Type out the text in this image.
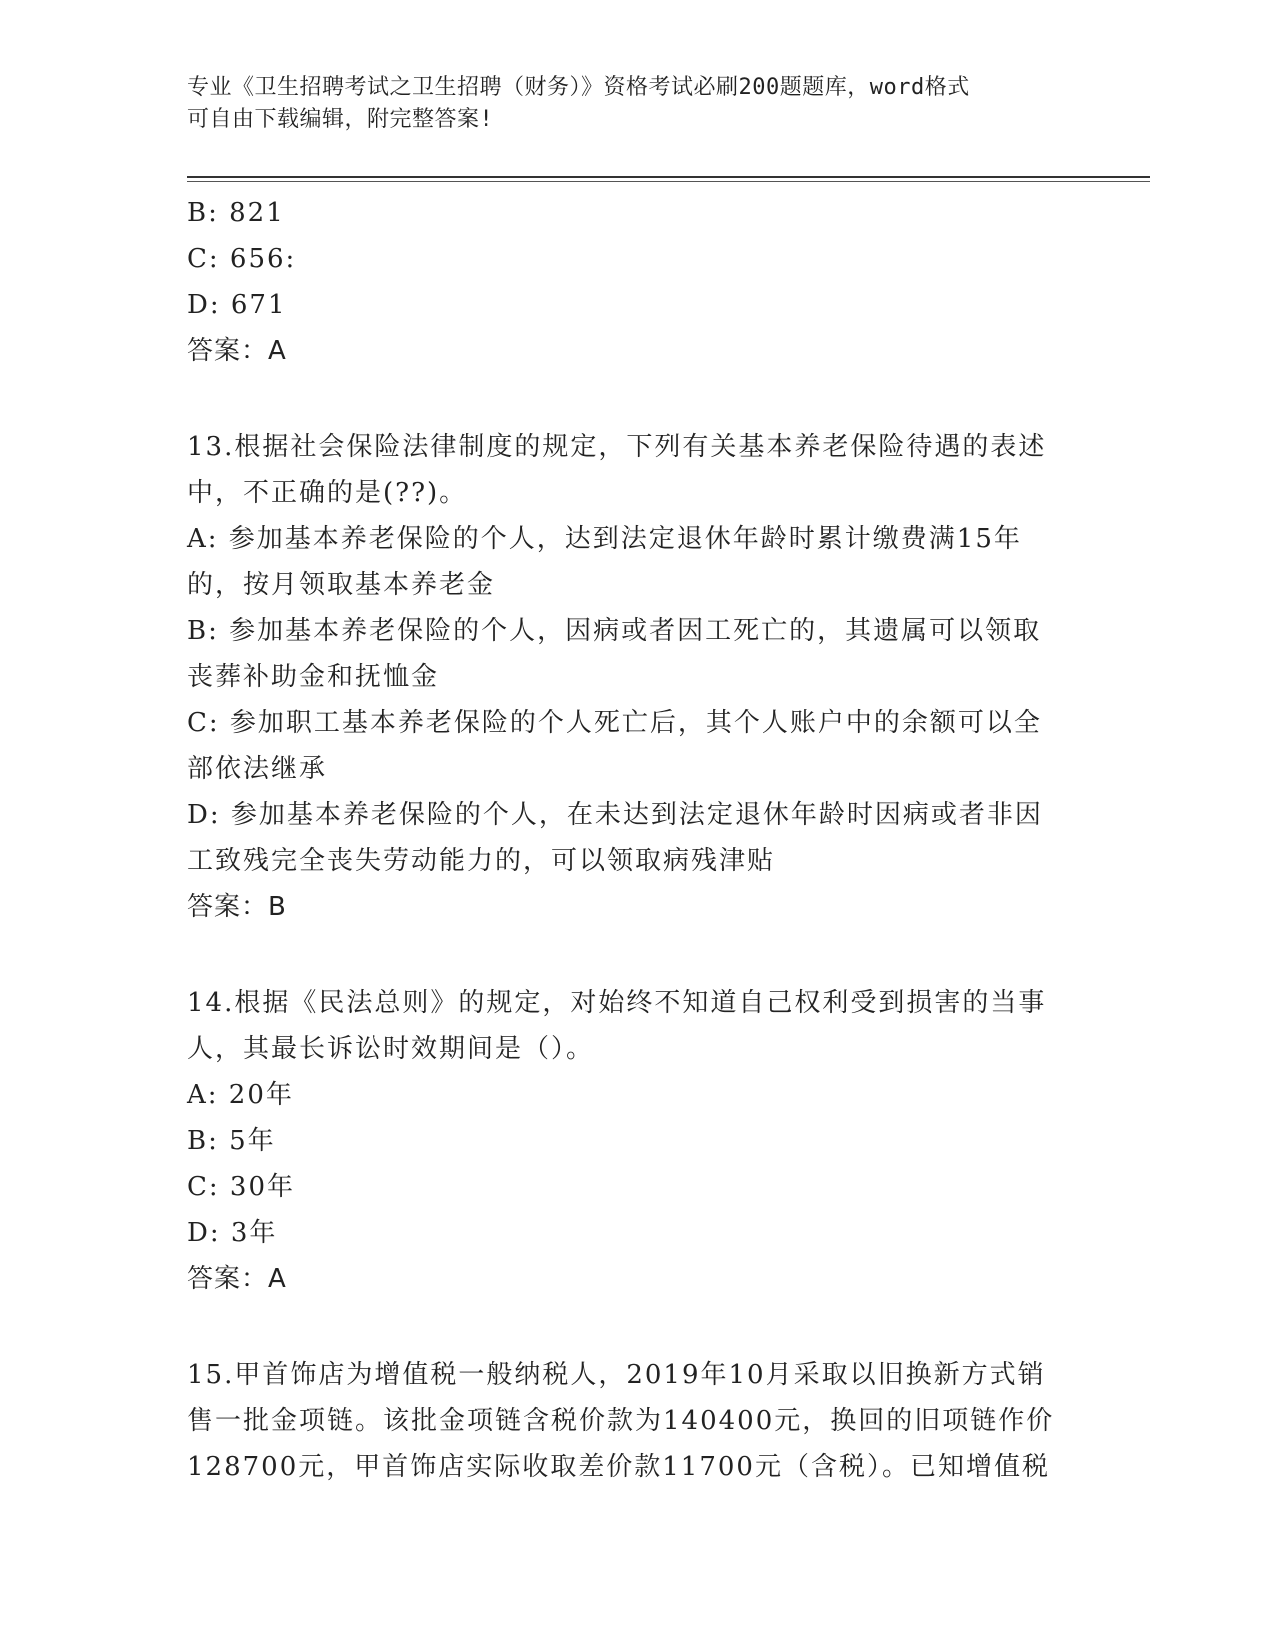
专业《卫生招聘考试之卫生招聘（财务）》资格考试必刷200题题库，word格式
可自由下载编辑，附完整答案!
B: 821
C: 656:
D: 671
答案：A
13.根据社会保险法律制度的规定，下列有关基本养老保险待遇的表述
中，不正确的是(??)。
A: 参加基本养老保险的个人，达到法定退休年龄时累计缴费满15年
的，按月领取基本养老金
B: 参加基本养老保险的个人，因病或者因工死亡的，其遗属可以领取
丧葬补助金和抚恤金
C: 参加职工基本养老保险的个人死亡后，其个人账户中的余额可以全
部依法继承
D: 参加基本养老保险的个人，在未达到法定退休年龄时因病或者非因
工致残完全丧失劳动能力的，可以领取病残津贴
答案：B
14.根据《民法总则》的规定，对始终不知道自己权利受到损害的当事
人，其最长诉讼时效期间是（）。
A: 20年
B: 5年
C: 30年
D: 3年
答案：A
15.甲首饰店为增值税一般纳税人，2019年10月采取以旧换新方式销
售一批金项链。该批金项链含税价款为140400元，换回的旧项链作价
128700元，甲首饰店实际收取差价款11700元（含税）。已知增值税
